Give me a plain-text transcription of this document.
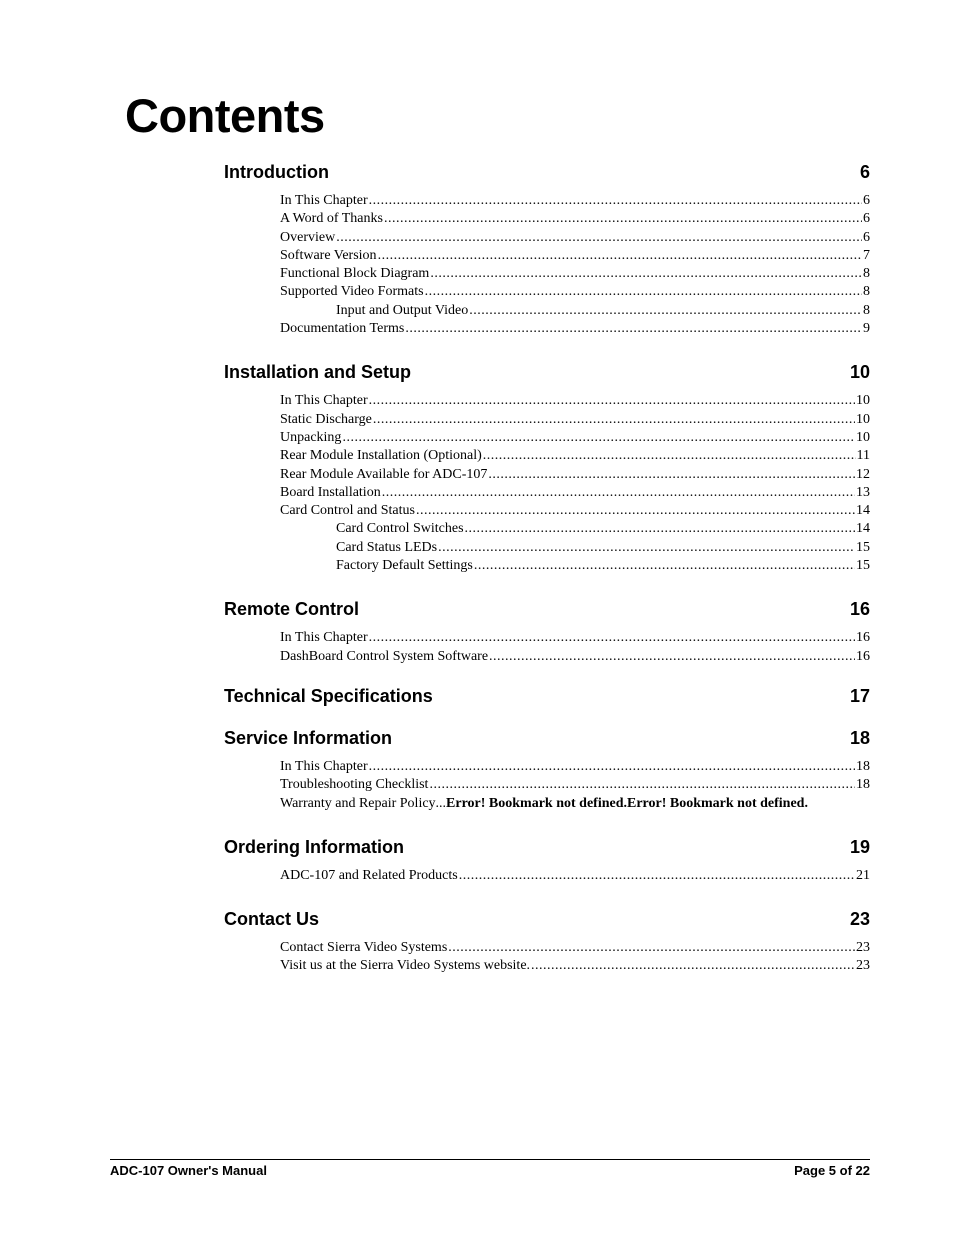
Contents
Introduction	6
In This Chapter .....	6
A Word of Thanks .....	6
Overview .....	6
Software Version .....	7
Functional Block Diagram .....	8
Supported Video Formats .....	8
Input and Output Video .....	8
Documentation Terms .....	9
Installation and Setup	10
In This Chapter .....	10
Static Discharge .....	10
Unpacking .....	10
Rear Module Installation (Optional) .....	11
Rear Module Available for ADC-107 .....	12
Board Installation .....	13
Card Control and Status .....	14
Card Control Switches .....	14
Card Status LEDs .....	15
Factory Default Settings .....	15
Remote Control	16
In This Chapter .....	16
DashBoard Control System Software .....	16
Technical Specifications	17
Service Information	18
In This Chapter .....	18
Troubleshooting Checklist .....	18
Warranty and Repair Policy ... Error! Bookmark not defined.Error! Bookmark not defined.
Ordering Information	19
ADC-107 and Related Products .....	21
Contact Us	23
Contact Sierra Video Systems .....	23
Visit us at the Sierra Video Systems website. .....	23
ADC-107 Owner's Manual	Page 5 of 22
